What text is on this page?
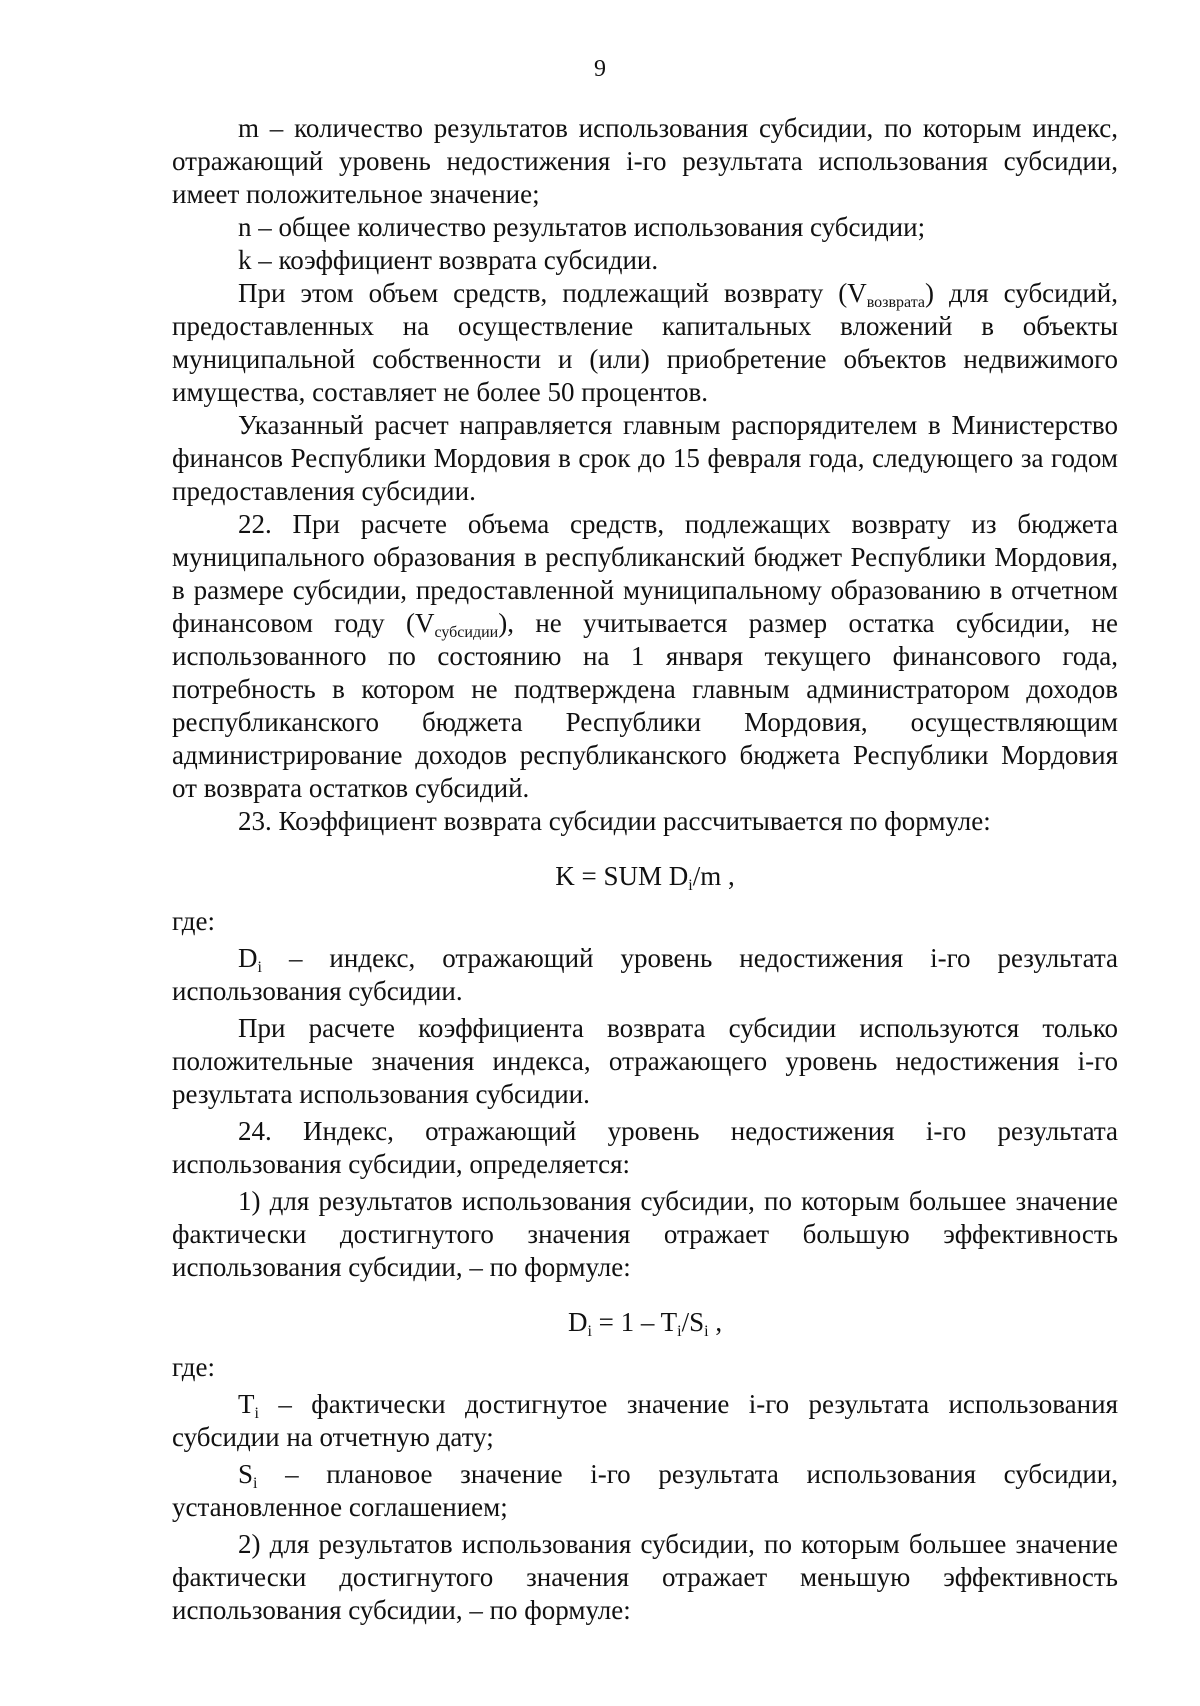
9

m – количество результатов использования субсидии, по которым индекс, отражающий уровень недостижения i-го результата использования субсидии, имеет положительное значение;

n – общее количество результатов использования субсидии;

k – коэффициент возврата субсидии.

При этом объем средств, подлежащий возврату $(V_{возврата})$ для субсидий, предоставленных на осуществление капитальных вложений в объекты муниципальной собственности и (или) приобретение объектов недвижимого имущества, составляет не более 50 процентов.

Указанный расчет направляется главным распорядителем в Министерство финансов Республики Мордовия в срок до 15 февраля года, следующего за годом предоставления субсидии.

22. При расчете объема средств, подлежащих возврату из бюджета муниципального образования в республиканский бюджет Республики Мордовия, в размере субсидии, предоставленной муниципальному образованию в отчетном финансовом году $(V_{субсидии})$, не учитывается размер остатка субсидии, не использованного по состоянию на 1 января текущего финансового года, потребность в котором не подтверждена главным администратором доходов республиканского бюджета Республики Мордовия, осуществляющим администрирование доходов республиканского бюджета Республики Мордовия от возврата остатков субсидий.

23. Коэффициент возврата субсидии рассчитывается по формуле:

K = SUM $D_i/m$ ,

где:

$D_i$ – индекс, отражающий уровень недостижения i-го результата использования субсидии.

При расчете коэффициента возврата субсидии используются только положительные значения индекса, отражающего уровень недостижения i-го результата использования субсидии.

24. Индекс, отражающий уровень недостижения i-го результата использования субсидии, определяется:

1) для результатов использования субсидии, по которым большее значение фактически достигнутого значения отражает большую эффективность использования субсидии, – по формуле:

$D_i = 1 - T_i/S_i$ ,

где:

$T_i$ – фактически достигнутое значение i-го результата использования субсидии на отчетную дату;

$S_i$ – плановое значение i-го результата использования субсидии, установленное соглашением;

2) для результатов использования субсидии, по которым большее значение фактически достигнутого значения отражает меньшую эффективность использования субсидии, – по формуле:
